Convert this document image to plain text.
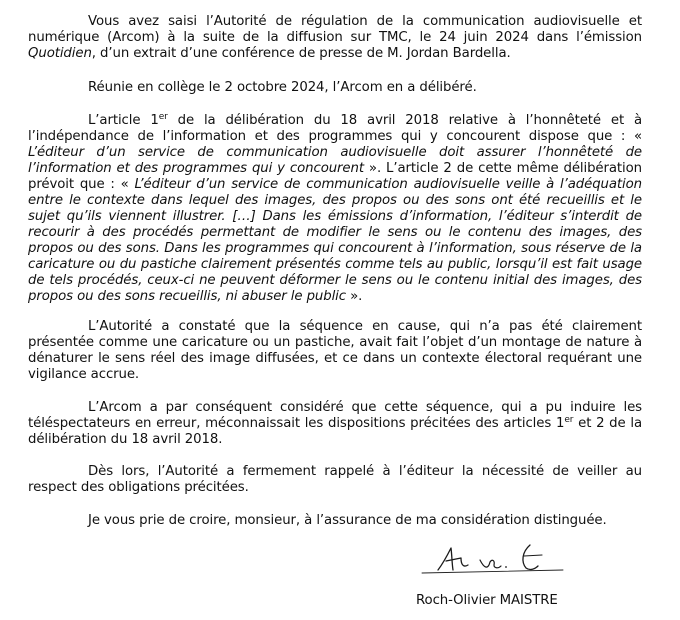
Vous avez saisi l’Autorité de régulation de la communication audiovisuelle et numérique (Arcom) à la suite de la diffusion sur TMC, le 24 juin 2024 dans l’émission Quotidien, d’un extrait d’une conférence de presse de M. Jordan Bardella.

Réunie en collège le 2 octobre 2024, l’Arcom en a délibéré.

L’article 1er de la délibération du 18 avril 2018 relative à l’honnêteté et à l’indépendance de l’information et des programmes qui y concourent dispose que : « L’éditeur d’un service de communication audiovisuelle doit assurer l’honnêteté de l’information et des programmes qui y concourent ». L’article 2 de cette même délibération prévoit que : « L’éditeur d’un service de communication audiovisuelle veille à l’adéquation entre le contexte dans lequel des images, des propos ou des sons ont été recueillis et le sujet qu’ils viennent illustrer. […] Dans les émissions d’information, l’éditeur s’interdit de recourir à des procédés permettant de modifier le sens ou le contenu des images, des propos ou des sons. Dans les programmes qui concourent à l’information, sous réserve de la caricature ou du pastiche clairement présentés comme tels au public, lorsqu’il est fait usage de tels procédés, ceux-ci ne peuvent déformer le sens ou le contenu initial des images, des propos ou des sons recueillis, ni abuser le public ».

L’Autorité a constaté que la séquence en cause, qui n’a pas été clairement présentée comme une caricature ou un pastiche, avait fait l’objet d’un montage de nature à dénaturer le sens réel des image diffusées, et ce dans un contexte électoral requérant une vigilance accrue.

L’Arcom a par conséquent considéré que cette séquence, qui a pu induire les téléspectateurs en erreur, méconnaissait les dispositions précitées des articles 1er et 2 de la délibération du 18 avril 2018.

Dès lors, l’Autorité a fermement rappelé à l’éditeur la nécessité de veiller au respect des obligations précitées.

Je vous prie de croire, monsieur, à l’assurance de ma considération distinguée.

Roch-Olivier MAISTRE
